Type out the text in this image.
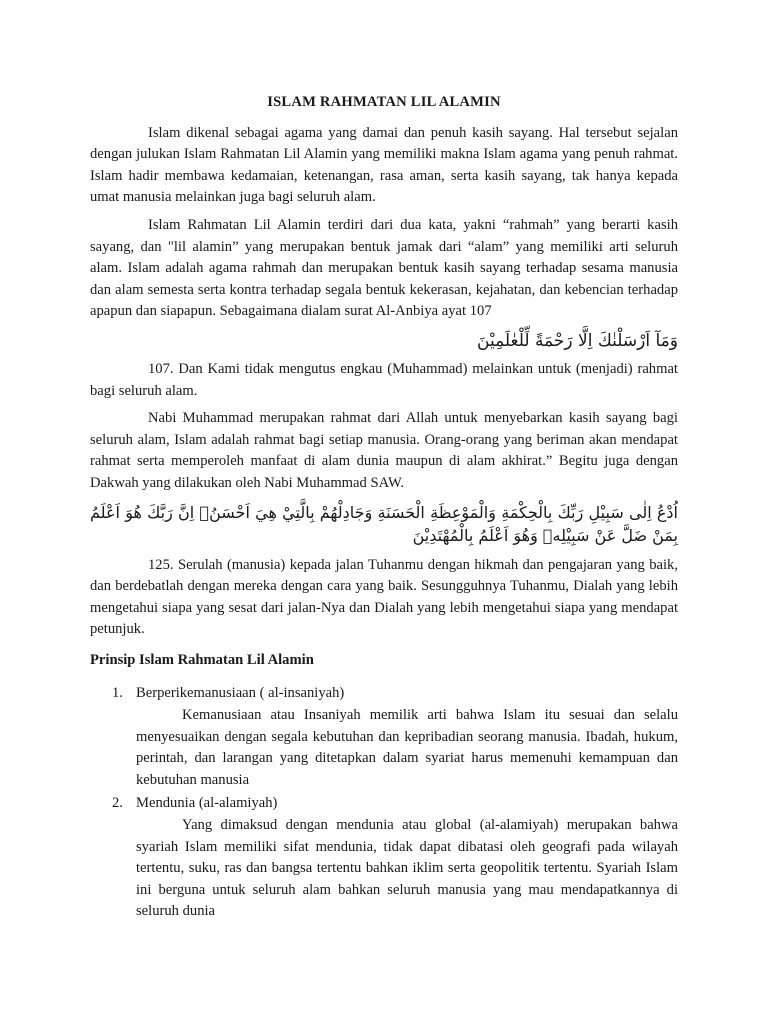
ISLAM RAHMATAN LIL ALAMIN

Islam dikenal sebagai agama yang damai dan penuh kasih sayang. Hal tersebut sejalan dengan julukan Islam Rahmatan Lil Alamin yang memiliki makna Islam agama yang penuh rahmat. Islam hadir membawa kedamaian, ketenangan, rasa aman, serta kasih sayang, tak hanya kepada umat manusia melainkan juga bagi seluruh alam.

Islam Rahmatan Lil Alamin terdiri dari dua kata, yakni “rahmah” yang berarti kasih sayang, dan "lil alamin” yang merupakan bentuk jamak dari “alam” yang memiliki arti seluruh alam. Islam adalah agama rahmah dan merupakan bentuk kasih sayang terhadap sesama manusia dan alam semesta serta kontra terhadap segala bentuk kekerasan, kejahatan, dan kebencian terhadap apapun dan siapapun. Sebagaimana dialam surat Al-Anbiya ayat 107

وَمَآ اَرْسَلْنٰكَ اِلَّا رَحْمَةً لِّلْعٰلَمِيْنَ

107. Dan Kami tidak mengutus engkau (Muhammad) melainkan untuk (menjadi) rahmat bagi seluruh alam.

Nabi Muhammad merupakan rahmat dari Allah untuk menyebarkan kasih sayang bagi seluruh alam, Islam adalah rahmat bagi setiap manusia. Orang-orang yang beriman akan mendapat rahmat serta memperoleh manfaat di alam dunia maupun di alam akhirat.” Begitu juga dengan Dakwah yang dilakukan oleh Nabi Muhammad SAW.

اُدْعُ اِلٰى سَبِيْلِ رَبِّكَ بِالْحِكْمَةِ وَالْمَوْعِظَةِ الْحَسَنَةِ وَجَادِلْهُمْ بِالَّتِيْ هِيَ اَحْسَنُۗ اِنَّ رَبَّكَ هُوَ اَعْلَمُ بِمَنْ ضَلَّ عَنْ سَبِيْلِهٖ وَهُوَ اَعْلَمُ بِالْمُهْتَدِيْنَ

125. Serulah (manusia) kepada jalan Tuhanmu dengan hikmah dan pengajaran yang baik, dan berdebatlah dengan mereka dengan cara yang baik. Sesungguhnya Tuhanmu, Dialah yang lebih mengetahui siapa yang sesat dari jalan-Nya dan Dialah yang lebih mengetahui siapa yang mendapat petunjuk.

Prinsip Islam Rahmatan Lil Alamin
1. Berperikemanusiaan ( al-insaniyah)

Kemanusiaan atau Insaniyah memilik arti bahwa Islam itu sesuai dan selalu menyesuaikan dengan segala kebutuhan dan kepribadian seorang manusia. Ibadah, hukum, perintah, dan larangan yang ditetapkan dalam syariat harus memenuhi kemampuan dan kebutuhan manusia

2. Mendunia (al-alamiyah)

Yang dimaksud dengan mendunia atau global (al-alamiyah) merupakan bahwa syariah Islam memiliki sifat mendunia, tidak dapat dibatasi oleh geografi pada wilayah tertentu, suku, ras dan bangsa tertentu bahkan iklim serta geopolitik tertentu. Syariah Islam ini berguna untuk seluruh alam bahkan seluruh manusia yang mau mendapatkannya di seluruh dunia
